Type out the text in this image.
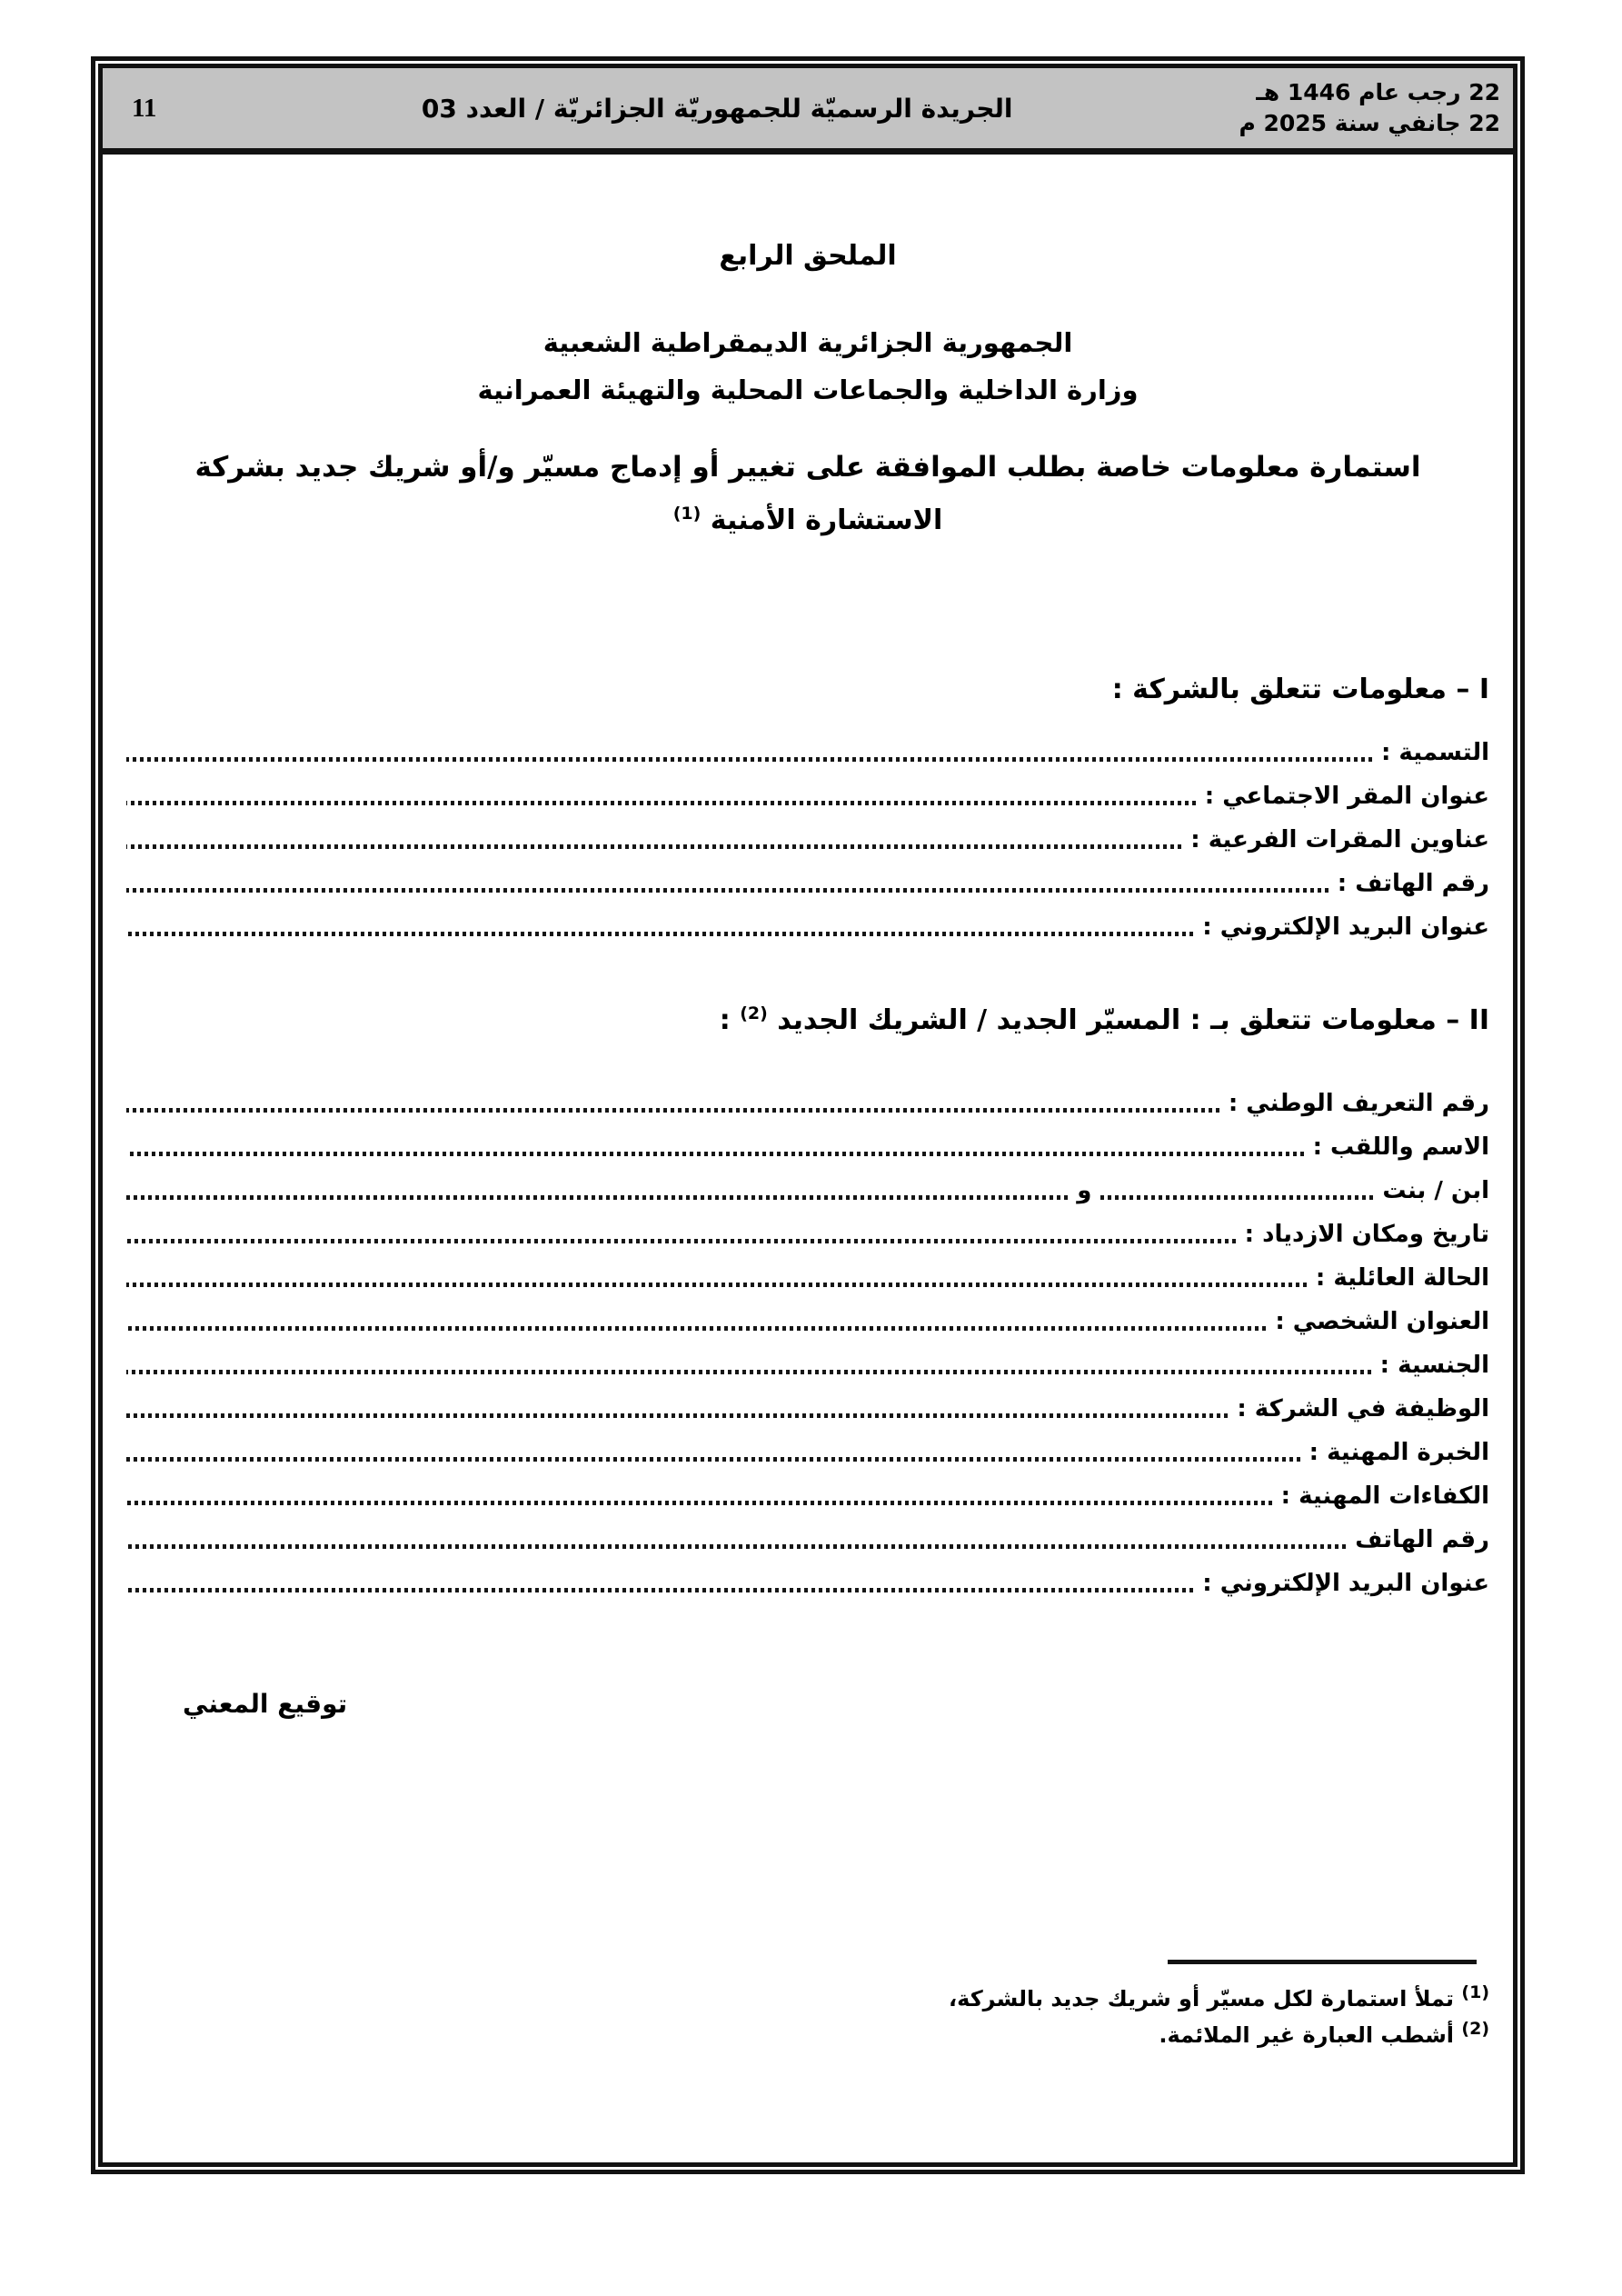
22 رجب عام 1446 هـ
22 جانفي سنة 2025 م
الجريدة الرسميّة للجمهوريّة الجزائريّة / العدد 03
11
الملحق الرابع
الجمهورية الجزائرية الديمقراطية الشعبية
وزارة الداخلية والجماعات المحلية والتهيئة العمرانية
استمارة معلومات خاصة بطلب الموافقة على تغيير أو إدماج مسيّر و/أو شريك جديد بشركة
الاستشارة الأمنية $^{(1)}$
I – معلومات تتعلق بالشركة :
التسمية :
عنوان المقر الاجتماعي :
عناوين المقرات الفرعية :
رقم الهاتف :
عنوان البريد الإلكتروني :
II – معلومات تتعلق بـ : المسيّر الجديد / الشريك الجديد $^{(2)}$ :
رقم التعريف الوطني :
الاسم واللقب :
ابن / بنت
و
تاريخ ومكان الازدياد :
الحالة العائلية :
العنوان الشخصي :
الجنسية :
الوظيفة في الشركة :
الخبرة المهنية :
الكفاءات المهنية :
رقم الهاتف
عنوان البريد الإلكتروني :
توقيع المعني
$^{(1)}$ تملأ استمارة لكل مسيّر أو شريك جديد بالشركة،
$^{(2)}$ أشطب العبارة غير الملائمة.
